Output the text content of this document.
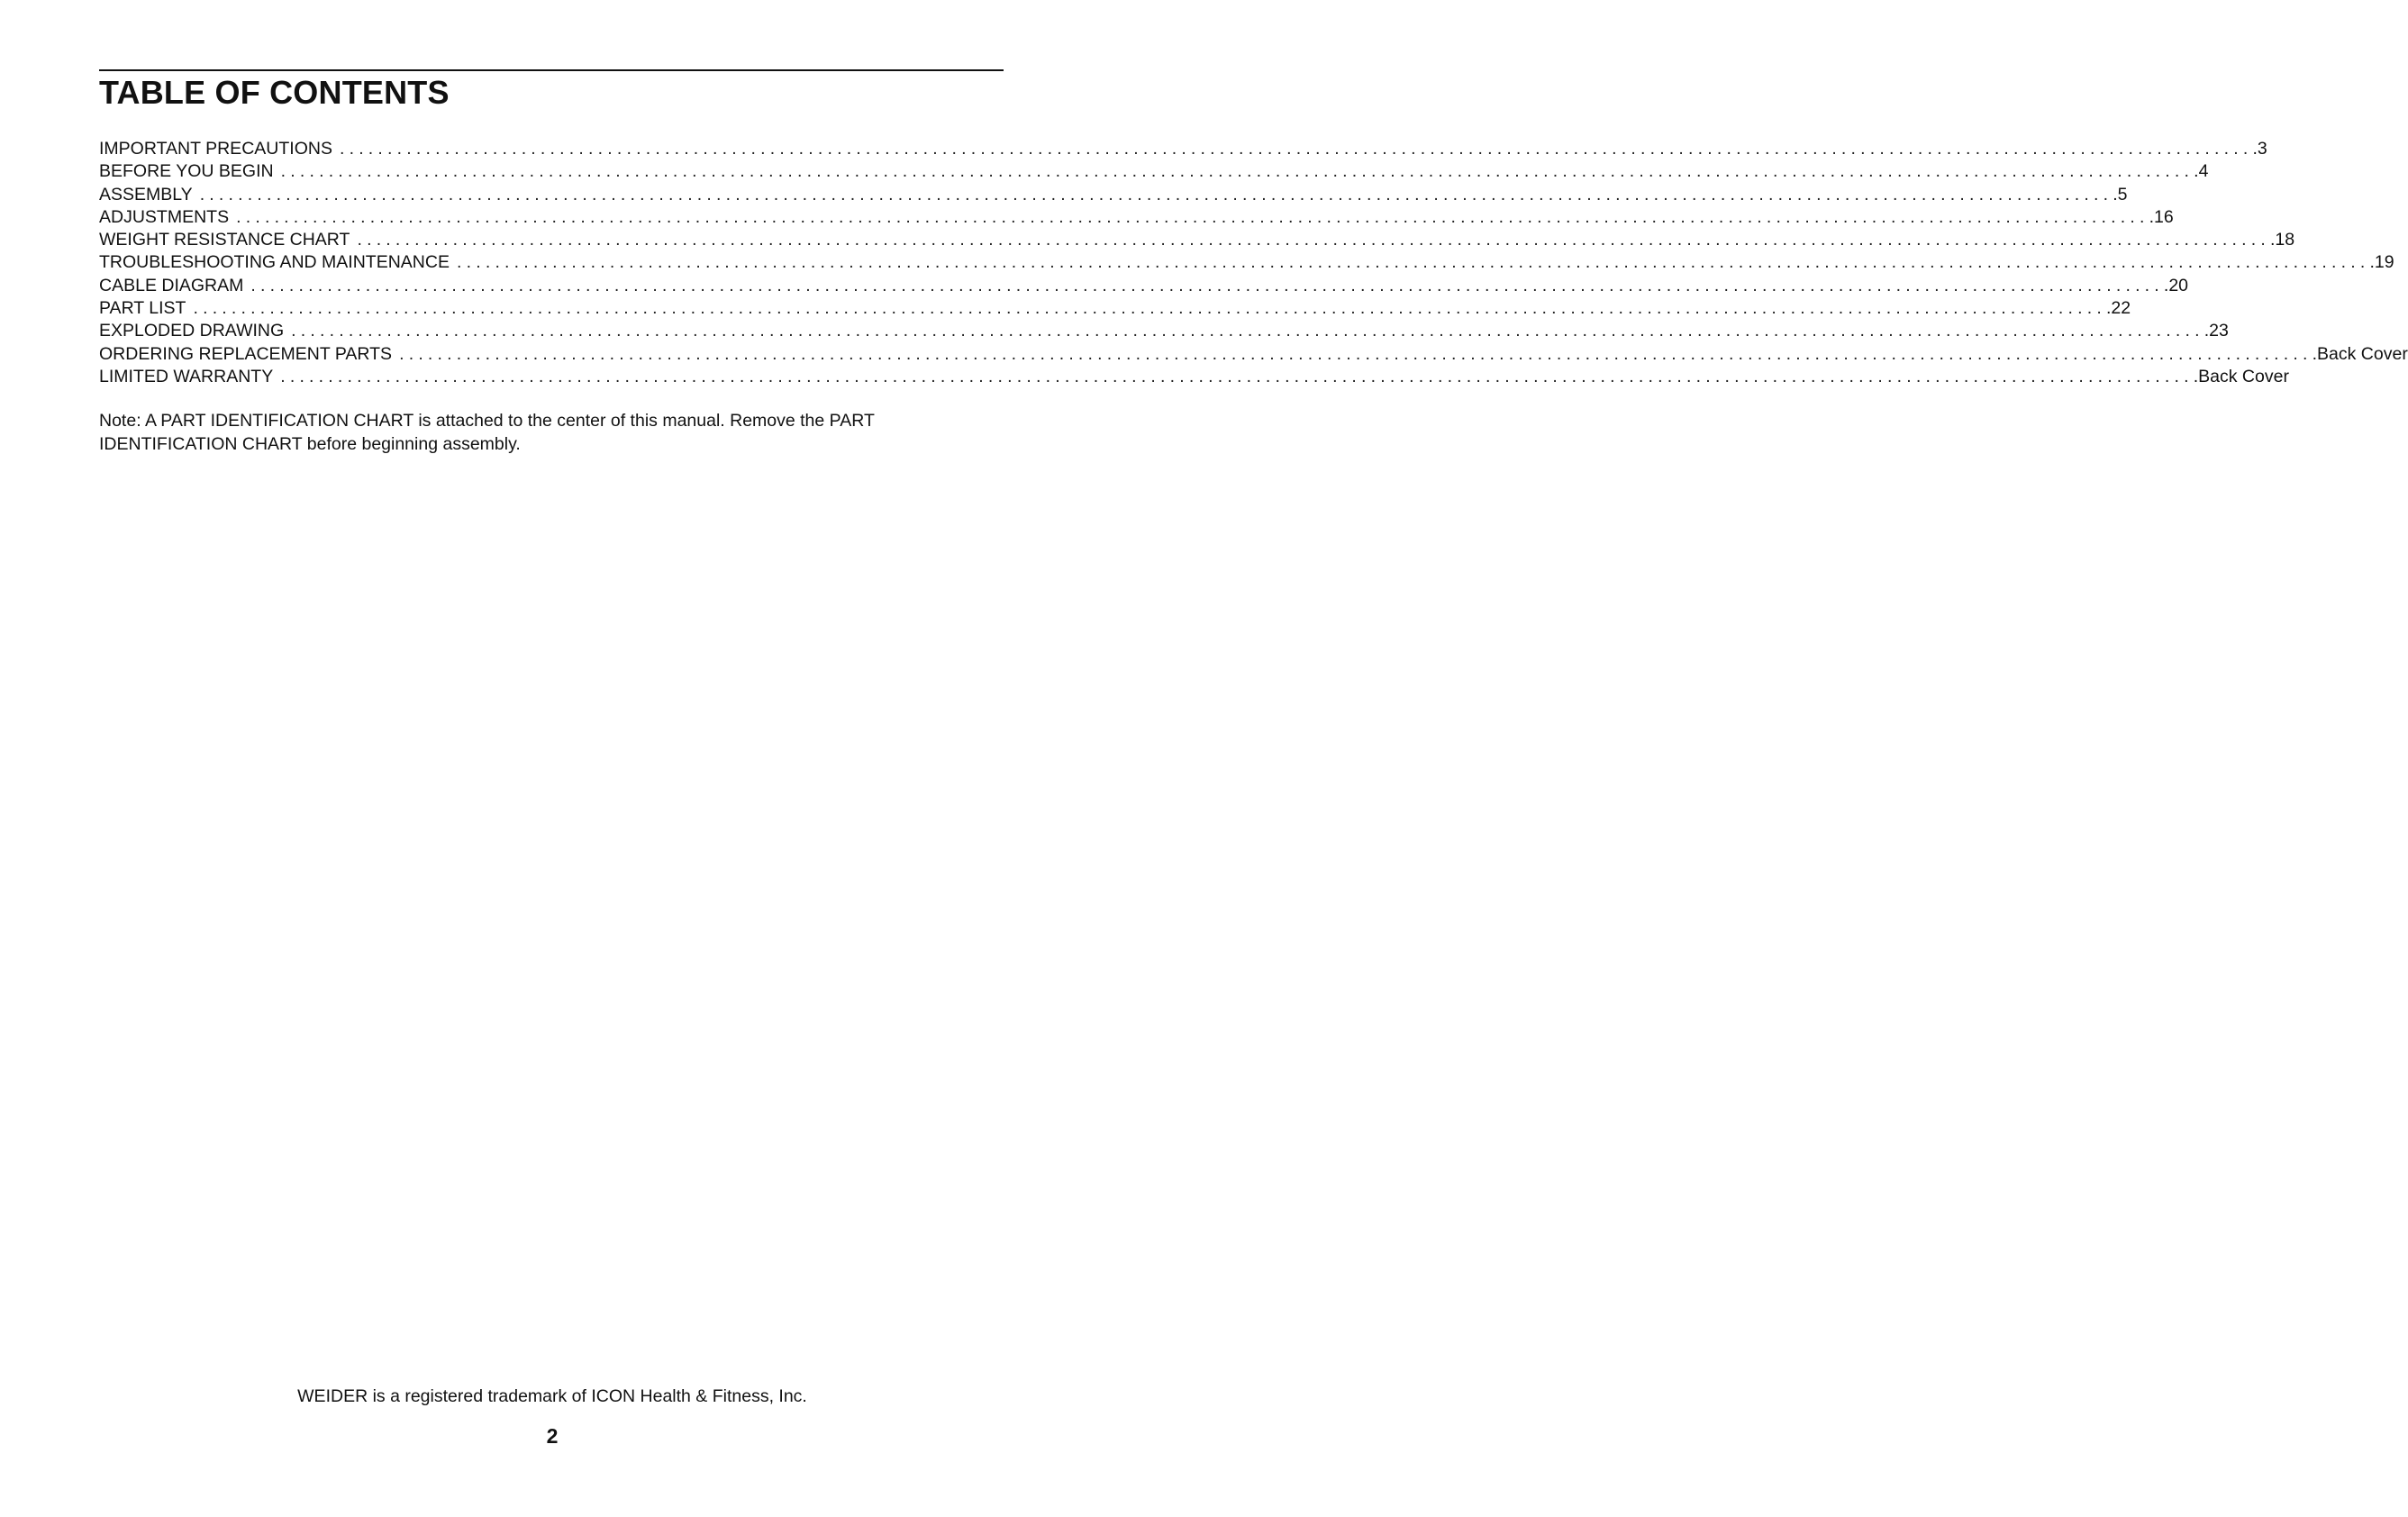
TABLE OF CONTENTS
IMPORTANT PRECAUTIONS ........................................................................................................................................................................................................ .3
BEFORE YOU BEGIN ........................................................................................................................................................................................................ .4
ASSEMBLY ........................................................................................................................................................................................................ .5
ADJUSTMENTS ........................................................................................................................................................................................................ .16
WEIGHT RESISTANCE CHART ........................................................................................................................................................................................................ .18
TROUBLESHOOTING AND MAINTENANCE ........................................................................................................................................................................................................ .19
CABLE DIAGRAM ........................................................................................................................................................................................................ .20
PART LIST ........................................................................................................................................................................................................ .22
EXPLODED DRAWING ........................................................................................................................................................................................................ .23
ORDERING REPLACEMENT PARTS ........................................................................................................................................................................................................ .Back Cover
LIMITED WARRANTY ........................................................................................................................................................................................................ .Back Cover

Note: A PART IDENTIFICATION CHART is attached to the center of this manual. Remove the PART IDENTIFICATION CHART before beginning assembly.

WEIDER is a registered trademark of ICON Health & Fitness, Inc.

2
